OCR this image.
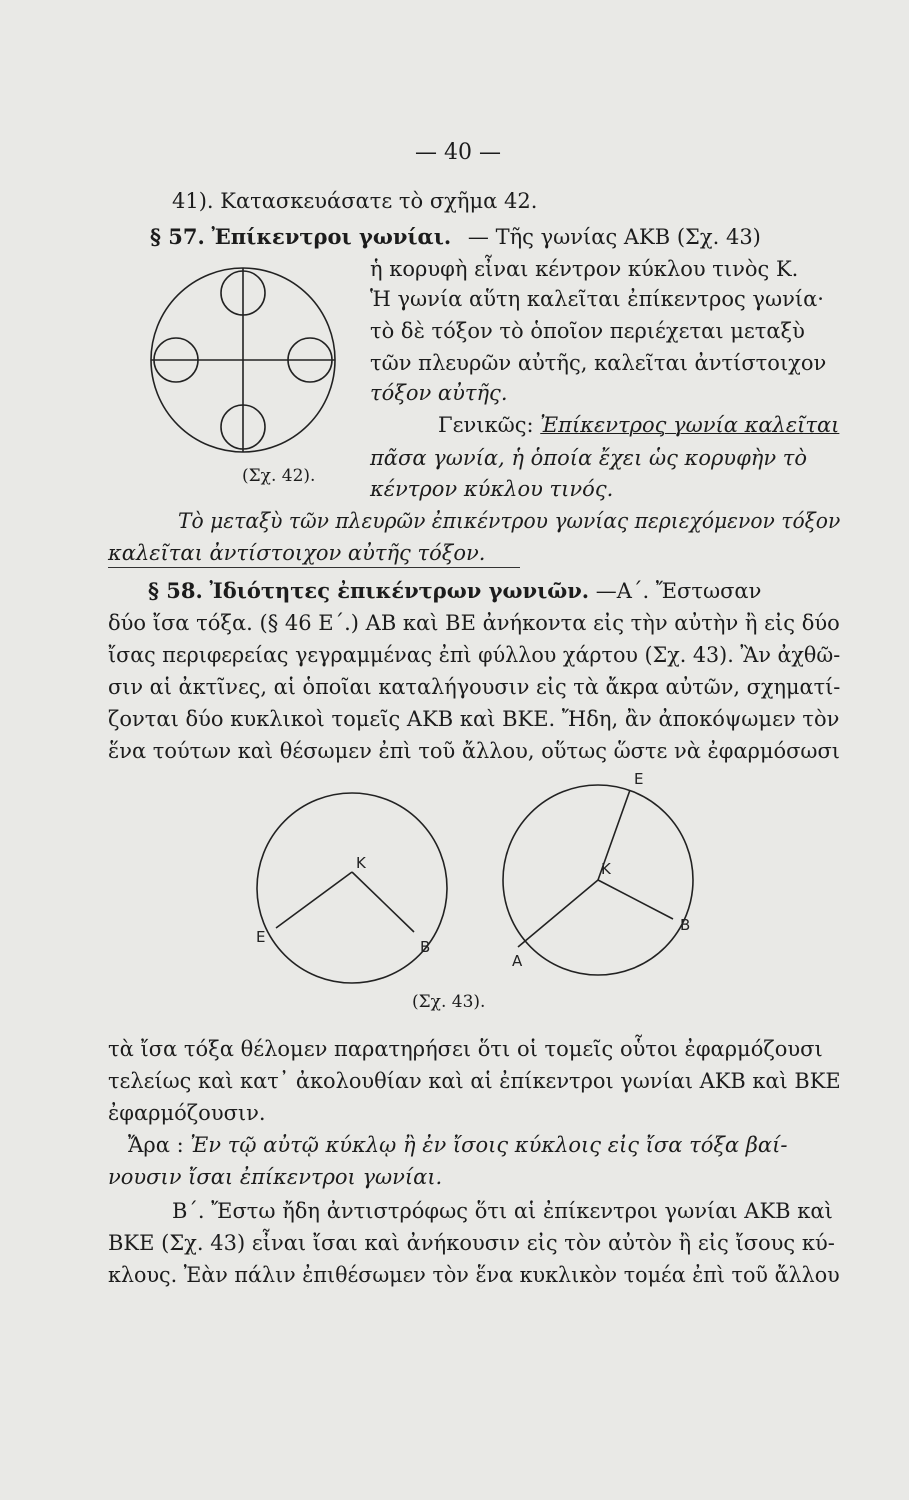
— 40 —
41). Κατασκευάσατε τὸ σχῆμα 42.
§ 57. Ἐπίκεντροι γωνίαι. — Τῆς γωνίας ΑΚΒ (Σχ. 43)
ἡ κορυφὴ εἶναι κέντρον κύκλου τινὸς Κ.
Ἡ γωνία αὕτη καλεῖται ἐπίκεντρος γωνία·
τὸ δὲ τόξον τὸ ὁποῖον περιέχεται μεταξὺ
τῶν πλευρῶν αὐτῆς, καλεῖται ἀντίστοιχον
τόξον αὐτῆς.
Γενικῶς: Ἐπίκεντρος γωνία καλεῖται
πᾶσα γωνία, ἡ ὁποία ἔχει ὡς κορυφὴν τὸ
κέντρον κύκλου τινός.
(Σχ. 42).
Τὸ μεταξὺ τῶν πλευρῶν ἐπικέντρου γωνίας περιεχόμενον τόξον
καλεῖται ἀντίστοιχον αὐτῆς τόξον.
§ 58. Ἰδιότητες ἐπικέντρων γωνιῶν. —Α΄. Ἔστωσαν
δύο ἴσα τόξα. (§ 46 Ε΄.) ΑΒ καὶ ΒΕ ἀνήκοντα εἰς τὴν αὐτὴν ἢ εἰς δύο
ἴσας περιφερείας γεγραμμένας ἐπὶ φύλλου χάρτου (Σχ. 43). Ἂν ἀχθῶ-
σιν αἱ ἀκτῖνες, αἱ ὁποῖαι καταλήγουσιν εἰς τὰ ἄκρα αὐτῶν, σχηματί-
ζονται δύο κυκλικοὶ τομεῖς ΑΚΒ καὶ ΒΚΕ. Ἤδη, ἂν ἀποκόψωμεν τὸν
ἕνα τούτων καὶ θέσωμεν ἐπὶ τοῦ ἄλλου, οὕτως ὥστε νὰ ἐφαρμόσωσι
K
Ε
Β
K
Ε
Β
Α
(Σχ. 43).
τὰ ἴσα τόξα θέλομεν παρατηρήσει ὅτι οἱ τομεῖς οὗτοι ἐφαρμόζουσι
τελείως καὶ κατ᾽ ἀκολουθίαν καὶ αἱ ἐπίκεντροι γωνίαι ΑΚΒ καὶ ΒΚΕ
ἐφαρμόζουσιν.
Ἄρα : Ἐν τῷ αὐτῷ κύκλῳ ἢ ἐν ἴσοις κύκλοις εἰς ἴσα τόξα βαί-
νουσιν ἴσαι ἐπίκεντροι γωνίαι.
Β΄. Ἔστω ἤδη ἀντιστρόφως ὅτι αἱ ἐπίκεντροι γωνίαι ΑΚΒ καὶ
ΒΚΕ (Σχ. 43) εἶναι ἴσαι καὶ ἀνήκουσιν εἰς τὸν αὐτὸν ἢ εἰς ἴσους κύ-
κλους. Ἐὰν πάλιν ἐπιθέσωμεν τὸν ἕνα κυκλικὸν τομέα ἐπὶ τοῦ ἄλλου
